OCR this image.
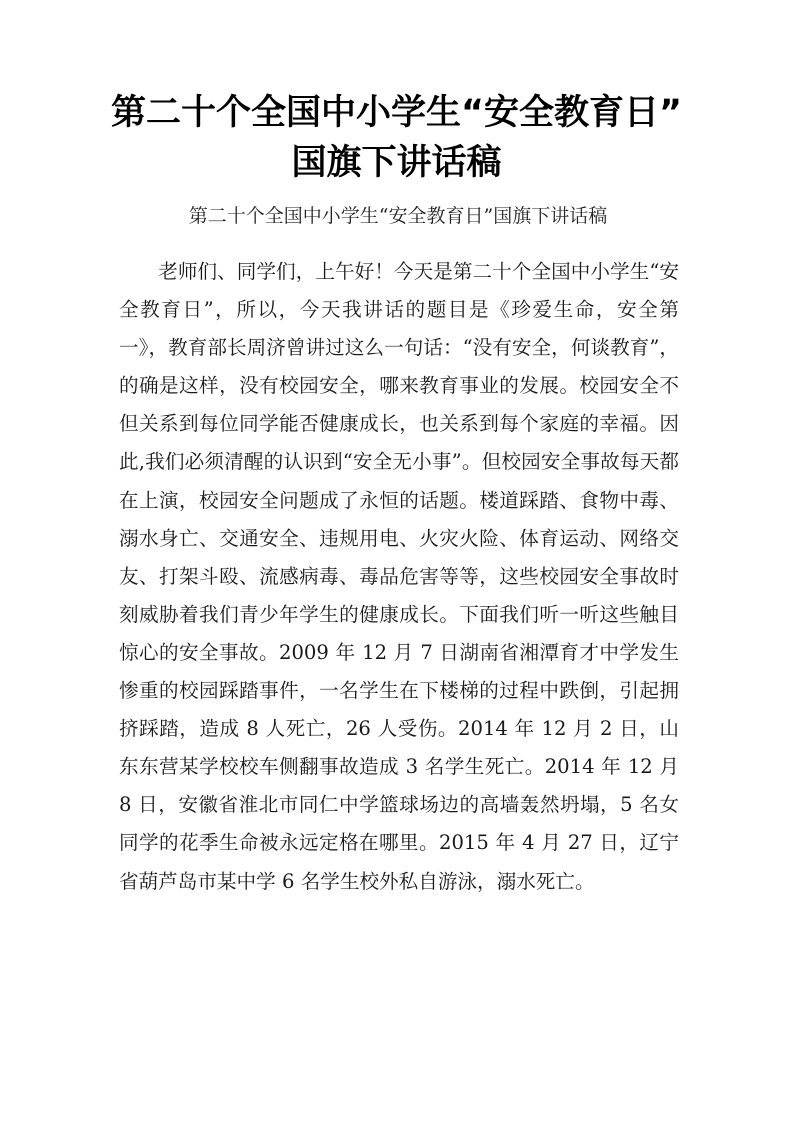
第二十个全国中小学生“安全教育日”
国旗下讲话稿

第二十个全国中小学生“安全教育日”国旗下讲话稿

老师们、同学们，上午好！今天是第二十个全国中小学生“安全教育日”，所以，今天我讲话的题目是《珍爱生命，安全第一》，教育部长周济曾讲过这么一句话：“没有安全，何谈教育”，的确是这样，没有校园安全，哪来教育事业的发展。校园安全不但关系到每位同学能否健康成长，也关系到每个家庭的幸福。因此,我们必须清醒的认识到“安全无小事”。但校园安全事故每天都在上演，校园安全问题成了永恒的话题。楼道踩踏、食物中毒、溺水身亡、交通安全、违规用电、火灾火险、体育运动、网络交友、打架斗殴、流感病毒、毒品危害等等，这些校园安全事故时刻威胁着我们青少年学生的健康成长。下面我们听一听这些触目惊心的安全事故。2009 年 12 月 7 日湖南省湘潭育才中学发生惨重的校园踩踏事件，一名学生在下楼梯的过程中跌倒，引起拥挤踩踏，造成 8 人死亡，26 人受伤。2014 年 12 月 2 日，山东东营某学校校车侧翻事故造成 3 名学生死亡。2014 年 12 月 8 日，安徽省淮北市同仁中学篮球场边的高墙轰然坍塌，5 名女同学的花季生命被永远定格在哪里。2015 年 4 月 27 日，辽宁省葫芦岛市某中学 6 名学生校外私自游泳，溺水死亡。
